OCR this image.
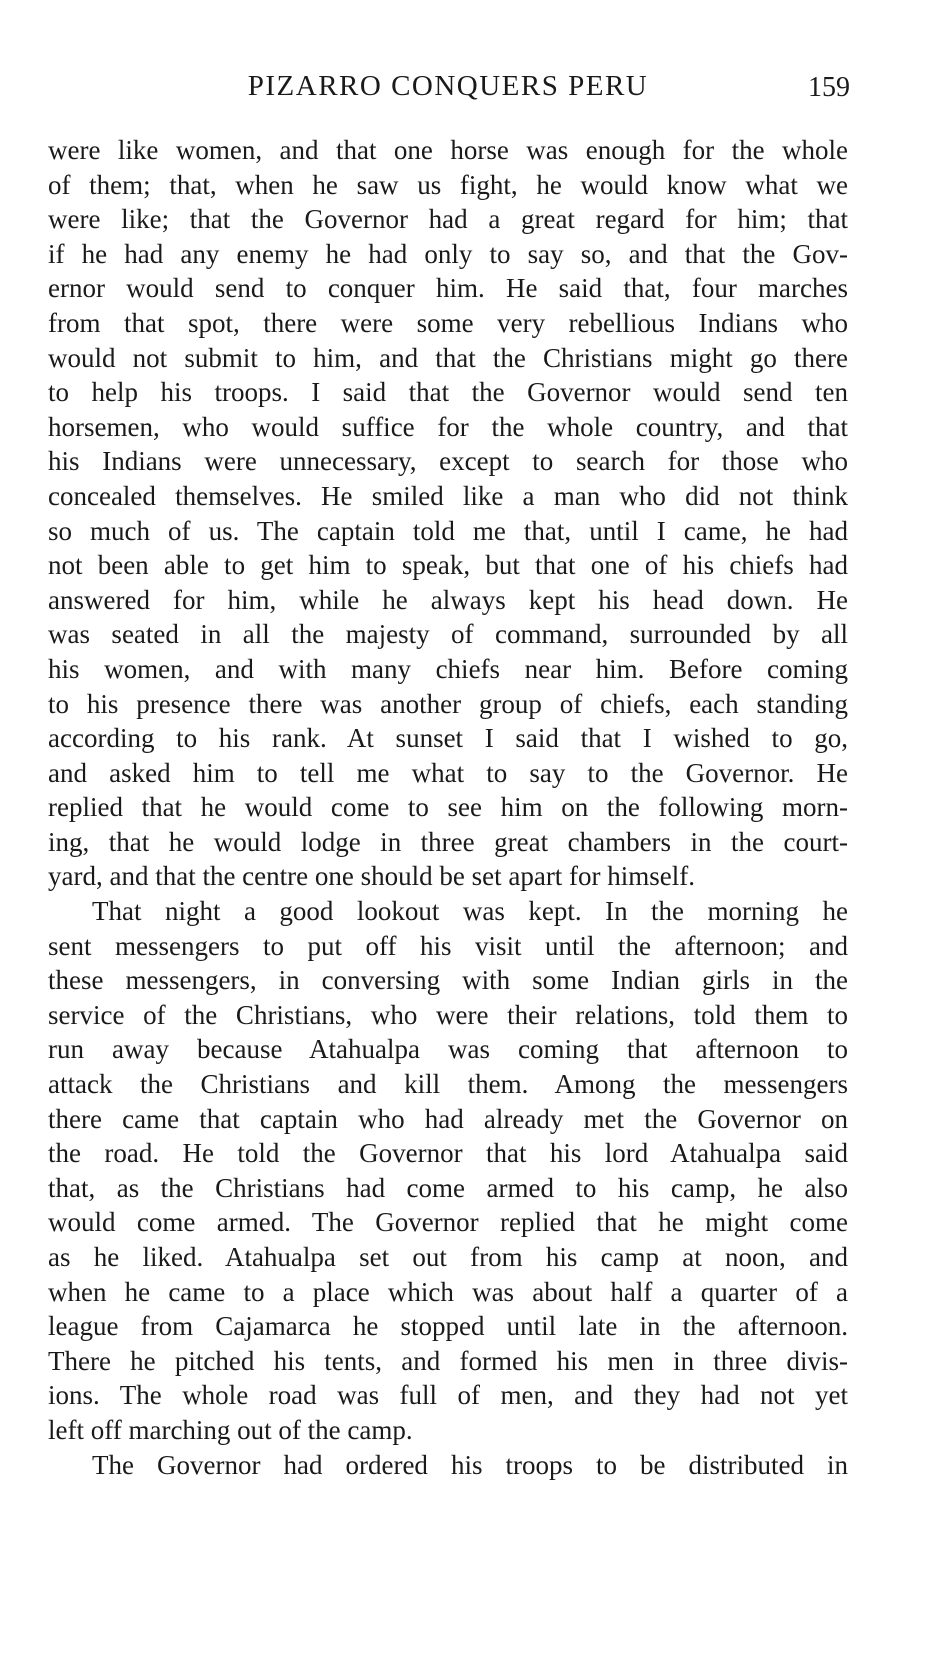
PIZARRO CONQUERS PERU	159
were like women, and that one horse was enough for the whole
of them; that, when he saw us fight, he would know what we
were like; that the Governor had a great regard for him; that
if he had any enemy he had only to say so, and that the Gov-
ernor would send to conquer him. He said that, four marches
from that spot, there were some very rebellious Indians who
would not submit to him, and that the Christians might go there
to help his troops. I said that the Governor would send ten
horsemen, who would suffice for the whole country, and that
his Indians were unnecessary, except to search for those who
concealed themselves. He smiled like a man who did not think
so much of us. The captain told me that, until I came, he had
not been able to get him to speak, but that one of his chiefs had
answered for him, while he always kept his head down. He
was seated in all the majesty of command, surrounded by all
his women, and with many chiefs near him. Before coming
to his presence there was another group of chiefs, each standing
according to his rank. At sunset I said that I wished to go,
and asked him to tell me what to say to the Governor. He
replied that he would come to see him on the following morn-
ing, that he would lodge in three great chambers in the court-
yard, and that the centre one should be set apart for himself.
That night a good lookout was kept. In the morning he
sent messengers to put off his visit until the afternoon; and
these messengers, in conversing with some Indian girls in the
service of the Christians, who were their relations, told them to
run away because Atahualpa was coming that afternoon to
attack the Christians and kill them. Among the messengers
there came that captain who had already met the Governor on
the road. He told the Governor that his lord Atahualpa said
that, as the Christians had come armed to his camp, he also
would come armed. The Governor replied that he might come
as he liked. Atahualpa set out from his camp at noon, and
when he came to a place which was about half a quarter of a
league from Cajamarca he stopped until late in the afternoon.
There he pitched his tents, and formed his men in three divis-
ions. The whole road was full of men, and they had not yet
left off marching out of the camp.
The Governor had ordered his troops to be distributed in
